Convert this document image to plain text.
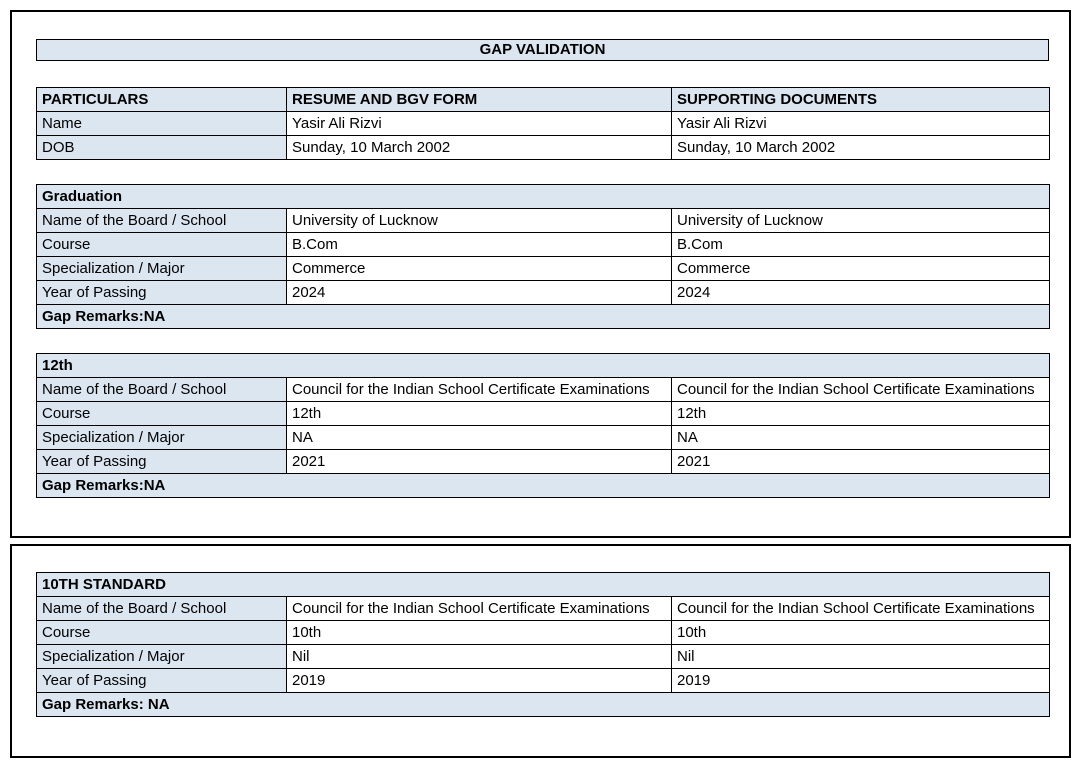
GAP VALIDATION
PARTICULARS	RESUME AND BGV FORM	SUPPORTING DOCUMENTS
Name	Yasir Ali Rizvi	Yasir Ali Rizvi
DOB	Sunday, 10 March 2002	Sunday, 10 March 2002
Graduation		
Name of the Board / School	University of Lucknow	University of Lucknow
Course	B.Com	B.Com
Specialization / Major	Commerce	Commerce
Year of Passing	2024	2024
Gap Remarks:NA		
12th		
Name of the Board / School	Council for the Indian School Certificate Examinations	Council for the Indian School Certificate Examinations
Course	12th	12th
Specialization / Major	NA	NA
Year of Passing	2021	2021
Gap Remarks:NA		
10TH STANDARD		
Name of the Board / School	Council for the Indian School Certificate Examinations	Council for the Indian School Certificate Examinations
Course	10th	10th
Specialization / Major	Nil	Nil
Year of Passing	2019	2019
Gap Remarks: NA		
